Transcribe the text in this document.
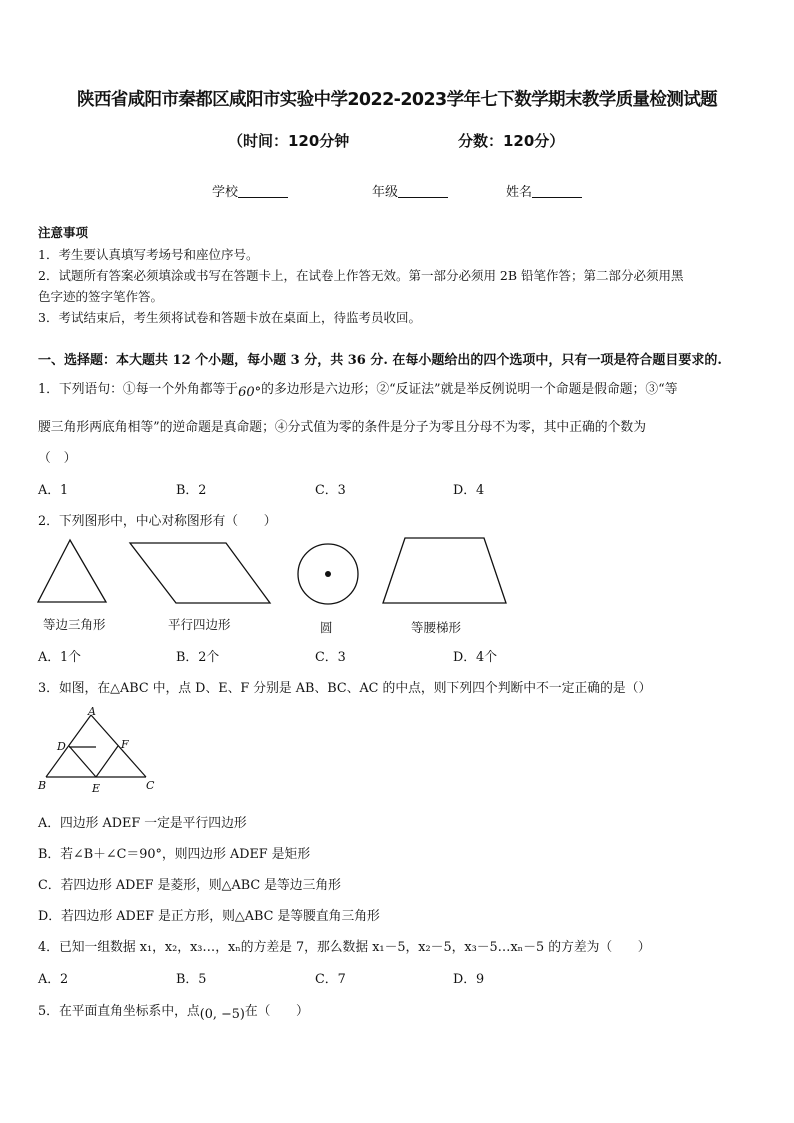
陕西省咸阳市秦都区咸阳市实验中学2022-2023学年七下数学期末教学质量检测试题
（时间：120分钟	分数：120分）
学校	年级	姓名
注意事项
1．考生要认真填写考场号和座位序号。
2．试题所有答案必须填涂或书写在答题卡上，在试卷上作答无效。第一部分必须用 2B 铅笔作答；第二部分必须用黑
色字迹的签字笔作答。
3．考试结束后，考生须将试卷和答题卡放在桌面上，待监考员收回。
一、选择题：本大题共 12 个小题，每小题 3 分，共 36 分. 在每小题给出的四个选项中，只有一项是符合题目要求的.
1．下列语句：①每一个外角都等于60°的多边形是六边形；②“反证法”就是举反例说明一个命题是假命题；③“等
腰三角形两底角相等”的逆命题是真命题；④分式值为零的条件是分子为零且分母不为零，其中正确的个数为
（　）
A．1	B．2	C．3	D．4
2．下列图形中，中心对称图形有（　　）
等边三角形	平行四边形	圆	等腰梯形
A．1个	B．2个	C．3	D．4个
3．如图，在△ABC 中，点 D、E、F 分别是 AB、BC、AC 的中点，则下列四个判断中不一定正确的是（）
A
B	C
D
E
F
A．四边形 ADEF 一定是平行四边形
B．若∠B＋∠C＝90°，则四边形 ADEF 是矩形
C．若四边形 ADEF 是菱形，则△ABC 是等边三角形
D．若四边形 ADEF 是正方形，则△ABC 是等腰直角三角形
4．已知一组数据 x₁，x₂，x₃…，xₙ的方差是 7，那么数据 x₁－5，x₂－5，x₃－5…xₙ－5 的方差为（　　）
A．2	B．5	C．7	D．9
5．在平面直角坐标系中，点(0, −5)在（　　）
